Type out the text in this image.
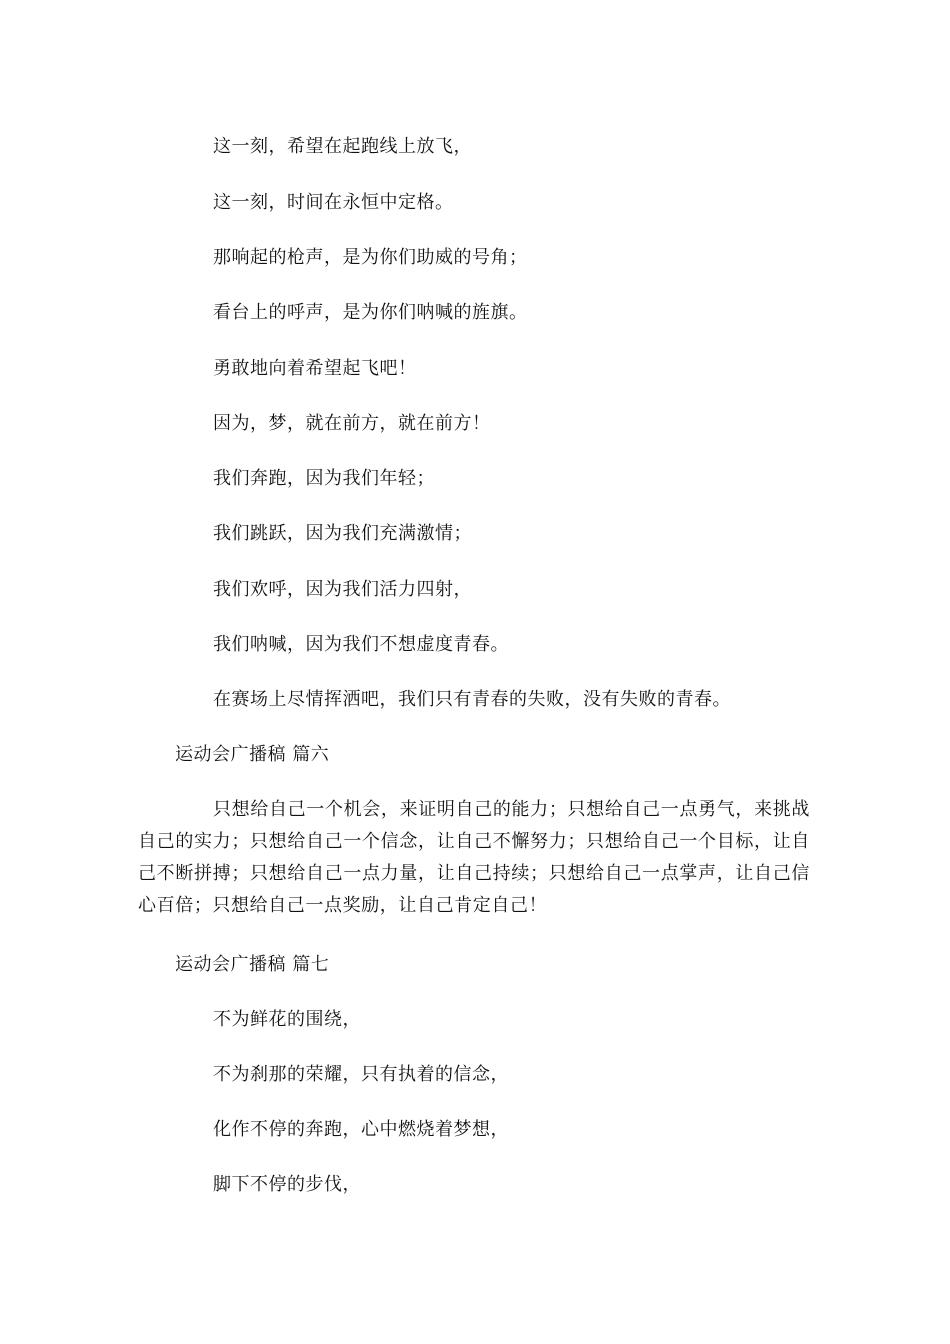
这一刻，希望在起跑线上放飞，
这一刻，时间在永恒中定格。
那响起的枪声，是为你们助威的号角；
看台上的呼声，是为你们呐喊的旌旗。
勇敢地向着希望起飞吧！
因为，梦，就在前方，就在前方！
我们奔跑，因为我们年轻；
我们跳跃，因为我们充满激情；
我们欢呼，因为我们活力四射，
我们呐喊，因为我们不想虚度青春。
在赛场上尽情挥洒吧，我们只有青春的失败，没有失败的青春。
运动会广播稿 篇六
只想给自己一个机会，来证明自己的能力；只想给自己一点勇气，来挑战自己的实力；只想给自己一个信念，让自己不懈努力；只想给自己一个目标，让自己不断拼搏；只想给自己一点力量，让自己持续；只想给自己一点掌声，让自己信心百倍；只想给自己一点奖励，让自己肯定自己！
运动会广播稿 篇七
不为鲜花的围绕，
不为刹那的荣耀，只有执着的信念，
化作不停的奔跑，心中燃烧着梦想，
脚下不停的步伐，
